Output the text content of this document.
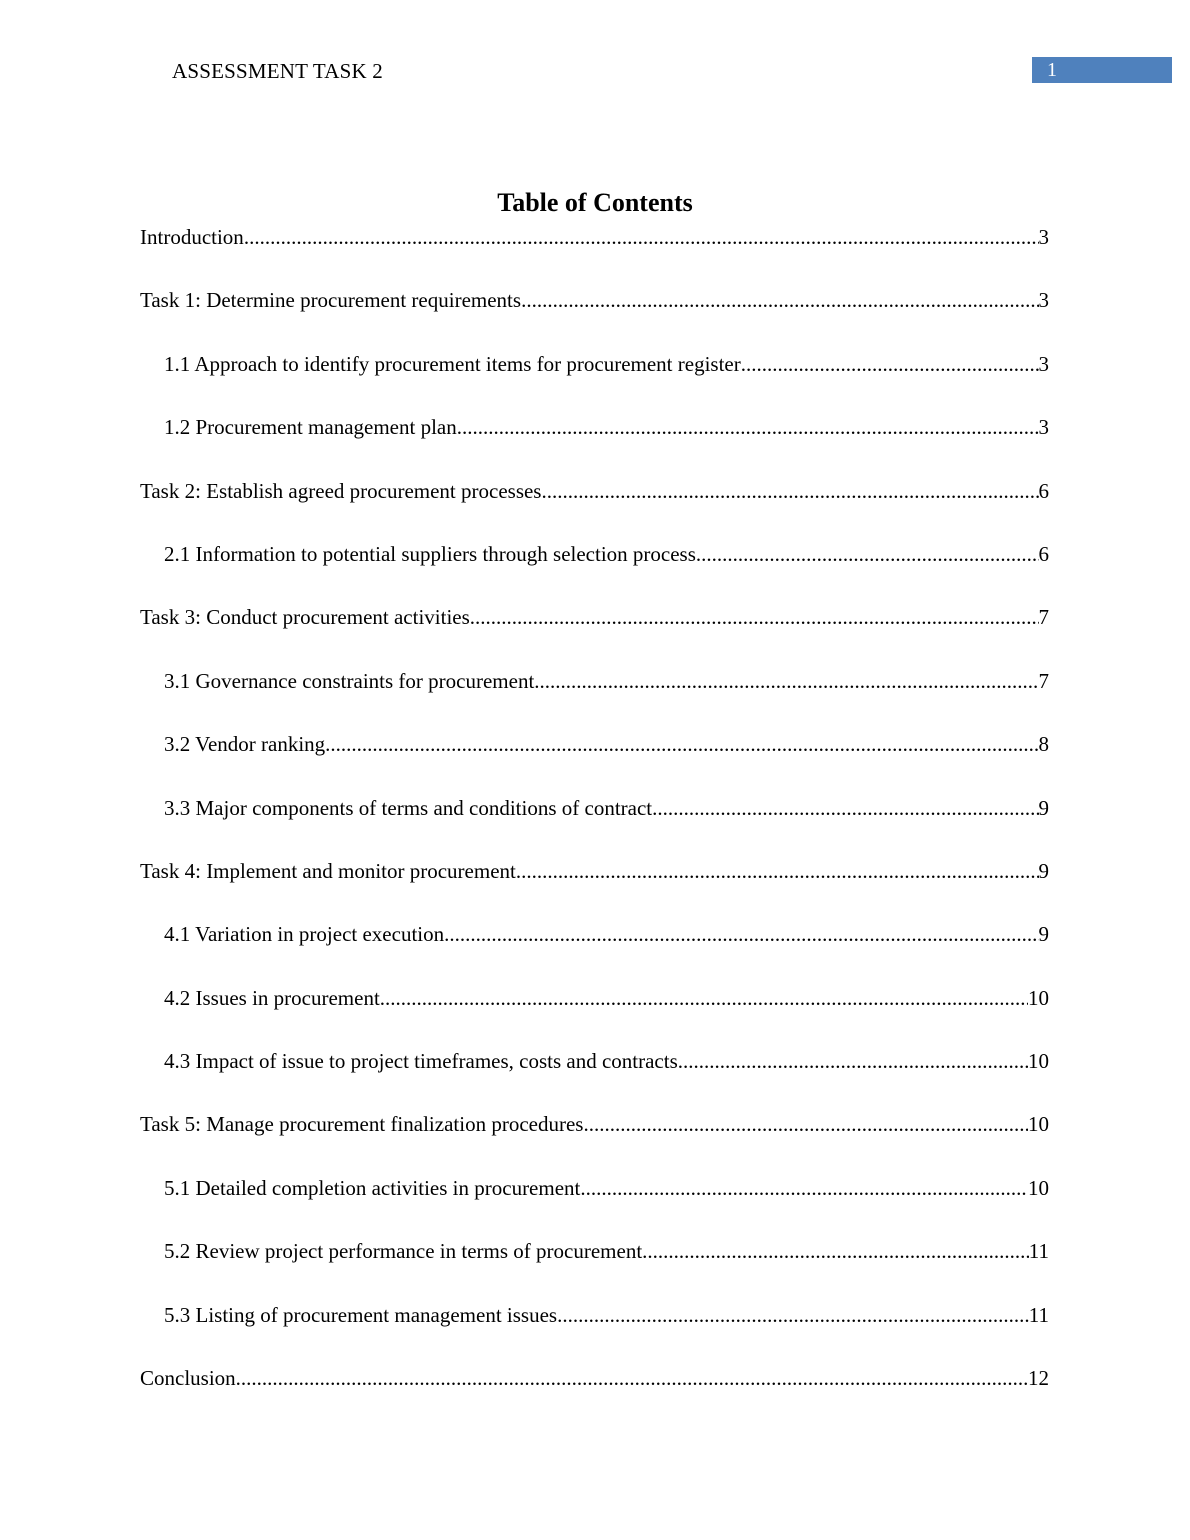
ASSESSMENT TASK 2	1
Table of Contents
Introduction .....	3
Task 1: Determine procurement requirements .....	3
1.1 Approach to identify procurement items for procurement register .....	3
1.2 Procurement management plan .....	3
Task 2: Establish agreed procurement processes .....	6
2.1 Information to potential suppliers through selection process .....	6
Task 3: Conduct procurement activities .....	7
3.1 Governance constraints for procurement .....	7
3.2 Vendor ranking .....	8
3.3 Major components of terms and conditions of contract .....	9
Task 4: Implement and monitor procurement .....	9
4.1 Variation in project execution .....	9
4.2 Issues in procurement .....	10
4.3 Impact of issue to project timeframes, costs and contracts .....	10
Task 5: Manage procurement finalization procedures .....	10
5.1 Detailed completion activities in procurement .....	10
5.2 Review project performance in terms of procurement .....	11
5.3 Listing of procurement management issues .....	11
Conclusion .....	12
